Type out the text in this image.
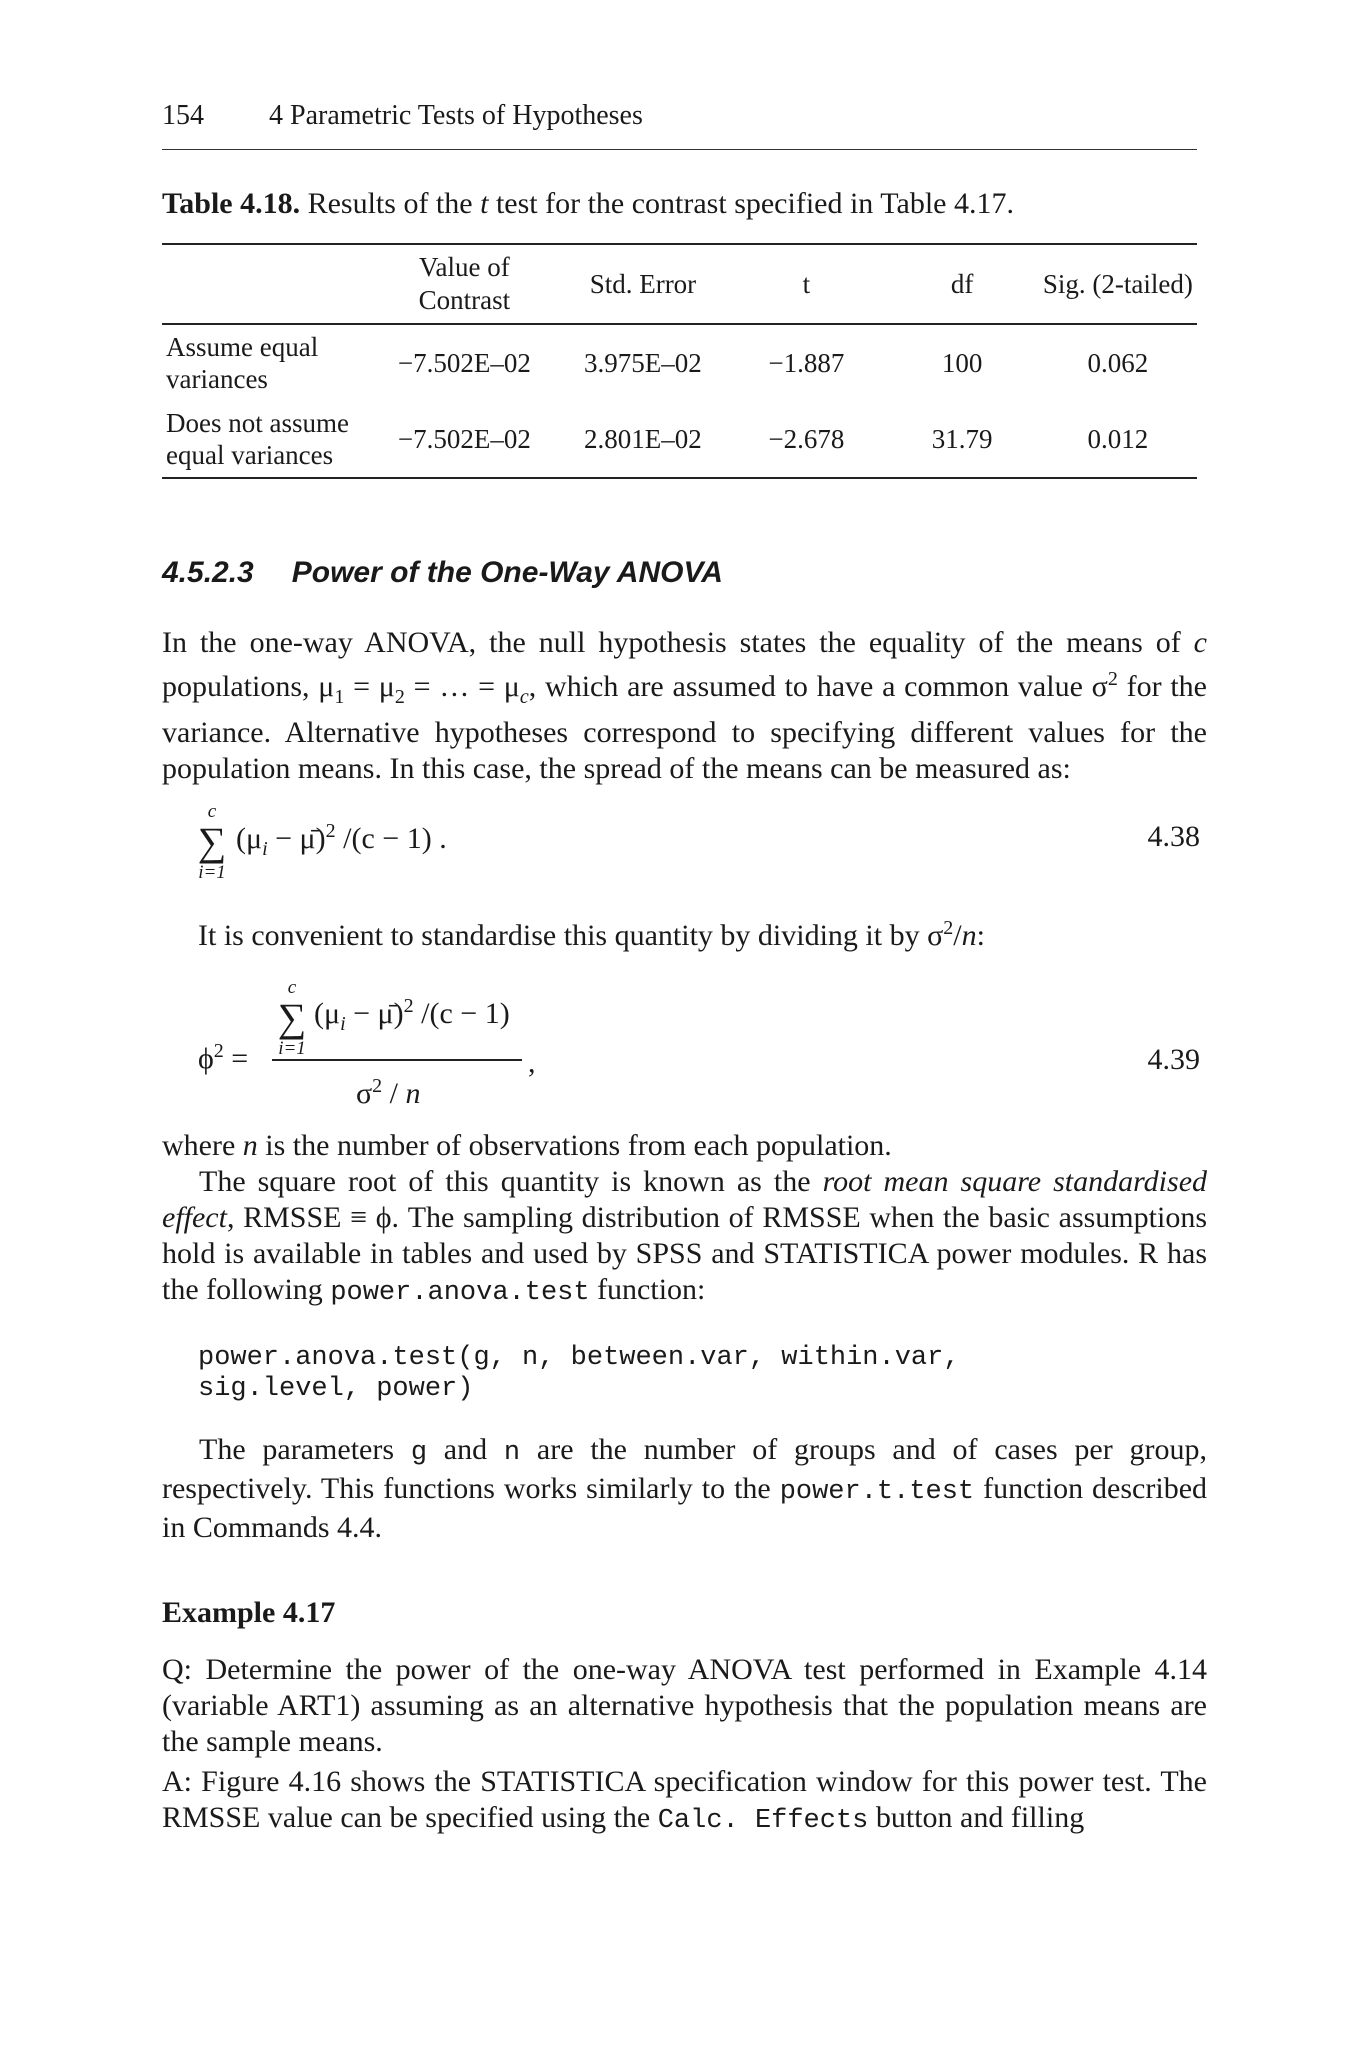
154 4 Parametric Tests of Hypotheses
Table 4.18. Results of the t test for the contrast specified in Table 4.17.

	Value of Contrast	Std. Error	t	df	Sig. (2-tailed)

Assume equal variances	−7.502E–02	3.975E–02	−1.887	100	0.062

Does not assume equal variances	−7.502E–02	2.801E–02	−2.678	31.79	0.012
4.5.2.3 Power of the One-Way ANOVA

In the one-way ANOVA, the null hypothesis states the equality of the means of c populations, $\mu_1 = \mu_2$ = … = $\mu_c$, which are assumed to have a common value $\sigma^2$ for the variance. Alternative hypotheses correspond to specifying different values for the population means. In this case, the spread of the means can be measured as:

c
∑
i=1
($\mu_i$ − μ̄)$^2$ /(c − 1) .	4.38

It is convenient to standardise this quantity by dividing it by $\sigma^2/n$:

$\phi^2$ =
c
∑
i=1
($\mu_i$ − μ̄)$^2$ /(c − 1)
$\sigma^2$ / n
,	4.39

where n is the number of observations from each population.

The square root of this quantity is known as the root mean square standardised effect, RMSSE ≡ ϕ. The sampling distribution of RMSSE when the basic assumptions hold is available in tables and used by SPSS and STATISTICA power modules. R has the following power.anova.test function:

power.anova.test(g, n, between.var, within.var,
sig.level, power)

The parameters g and n are the number of groups and of cases per group, respectively. This functions works similarly to the power.t.test function described in Commands 4.4.

Example 4.17

Q: Determine the power of the one-way ANOVA test performed in Example 4.14 (variable ART1) assuming as an alternative hypothesis that the population means are the sample means.

A: Figure 4.16 shows the STATISTICA specification window for this power test. The RMSSE value can be specified using the Calc. Effects button and filling
